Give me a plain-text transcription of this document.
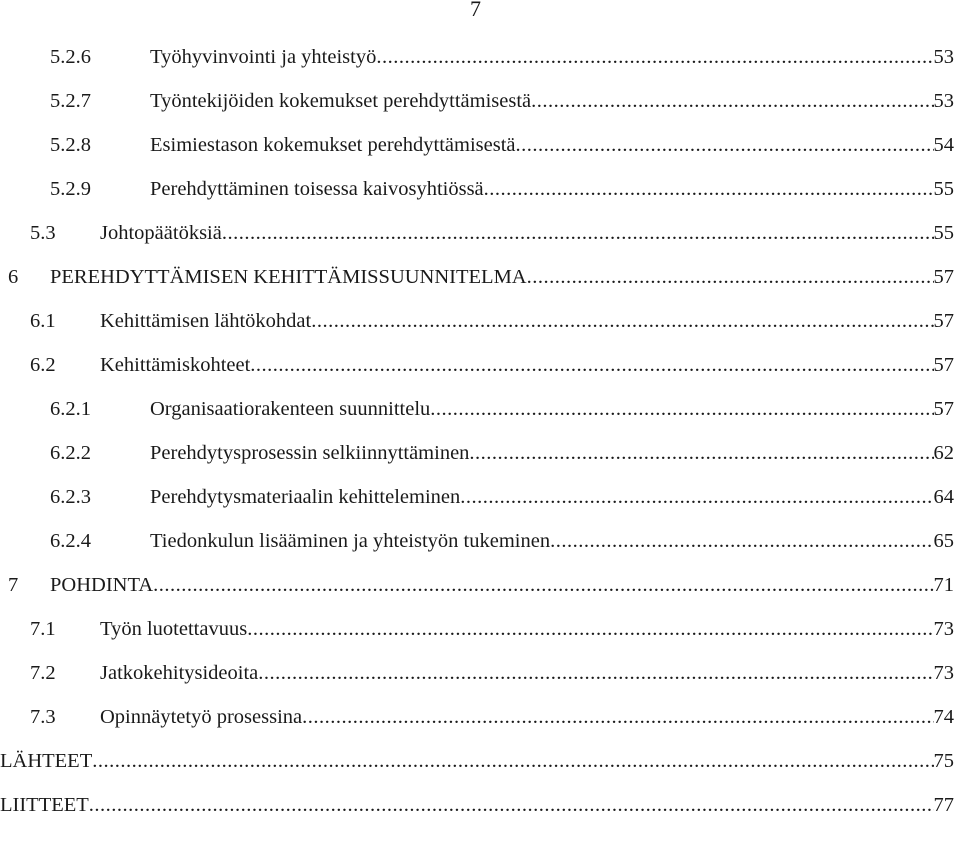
7
5.2.6	Työhyvinvointi ja yhteistyö .....	53
5.2.7	Työntekijöiden kokemukset perehdyttämisestä .....	53
5.2.8	Esimiestason kokemukset perehdyttämisestä .....	54
5.2.9	Perehdyttäminen toisessa kaivosyhtiössä .....	55
5.3 Johtopäätöksiä .....	55
6 PEREHDYTTÄMISEN KEHITTÄMISSUUNNITELMA .....	57
6.1 Kehittämisen lähtökohdat .....	57
6.2 Kehittämiskohteet .....	57
6.2.1	Organisaatiorakenteen suunnittelu .....	57
6.2.2	Perehdytysprosessin selkiinnyttäminen .....	62
6.2.3	Perehdytysmateriaalin kehitteleminen .....	64
6.2.4	Tiedonkulun lisääminen ja yhteistyön tukeminen .....	65
7 POHDINTA .....	71
7.1 Työn luotettavuus .....	73
7.2 Jatkokehitysideoita .....	73
7.3 Opinnäytetyö prosessina .....	74
LÄHTEET .....	75
LIITTEET .....	77
